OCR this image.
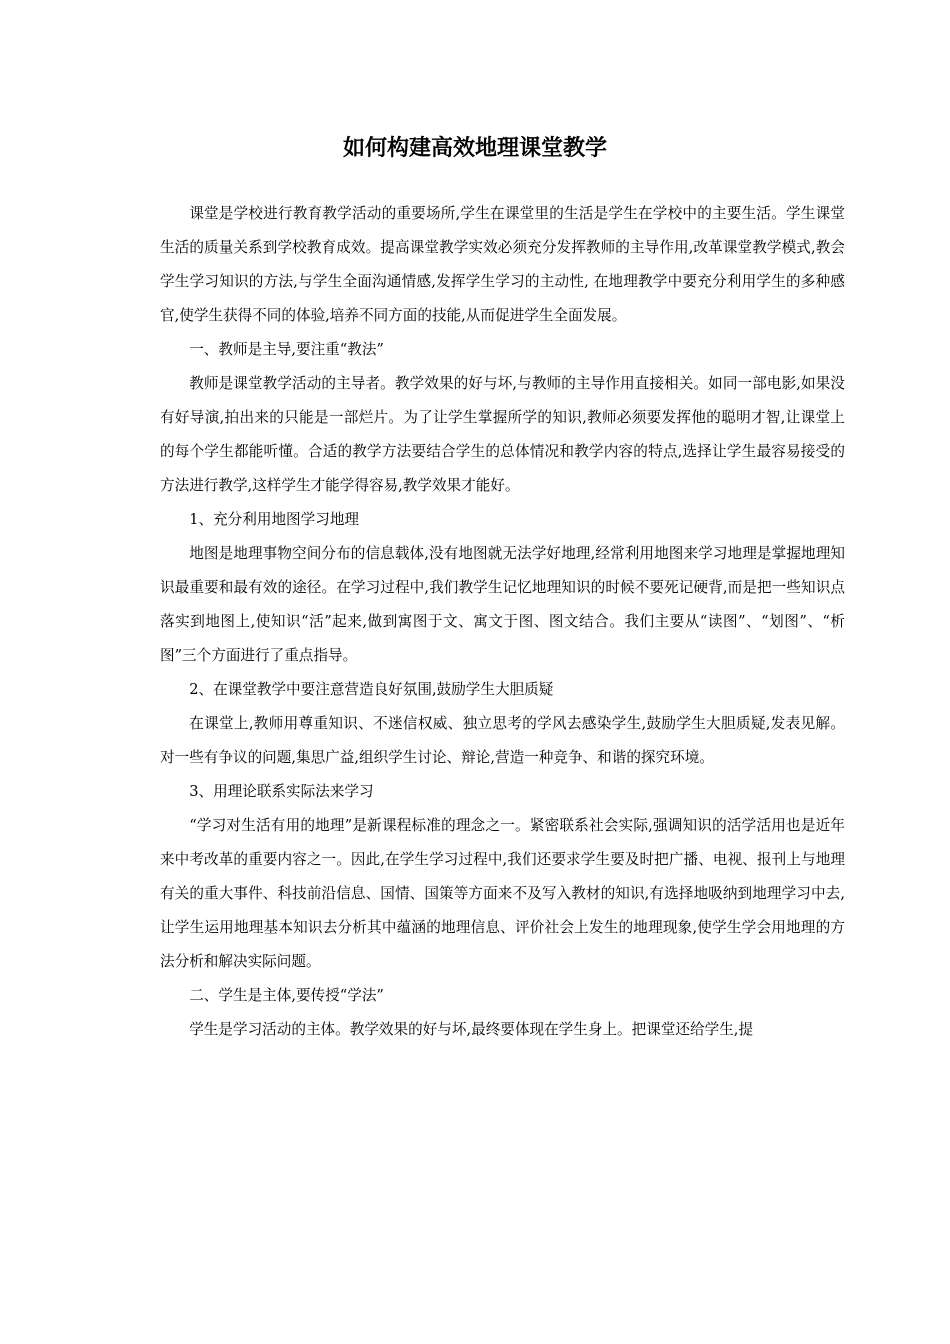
如何构建高效地理课堂教学

课堂是学校进行教育教学活动的重要场所,学生在课堂里的生活是学生在学校中的主要生活。学生课堂生活的质量关系到学校教育成效。提高课堂教学实效必须充分发挥教师的主导作用,改革课堂教学模式,教会学生学习知识的方法,与学生全面沟通情感,发挥学生学习的主动性, 在地理教学中要充分利用学生的多种感官,使学生获得不同的体验,培养不同方面的技能,从而促进学生全面发展。

一、教师是主导,要注重“教法”

教师是课堂教学活动的主导者。教学效果的好与坏,与教师的主导作用直接相关。如同一部电影,如果没有好导演,拍出来的只能是一部烂片。为了让学生掌握所学的知识,教师必须要发挥他的聪明才智,让课堂上的每个学生都能听懂。合适的教学方法要结合学生的总体情况和教学内容的特点,选择让学生最容易接受的方法进行教学,这样学生才能学得容易,教学效果才能好。

1、充分利用地图学习地理

地图是地理事物空间分布的信息载体,没有地图就无法学好地理,经常利用地图来学习地理是掌握地理知识最重要和最有效的途径。在学习过程中,我们教学生记忆地理知识的时候不要死记硬背,而是把一些知识点落实到地图上,使知识“活”起来,做到寓图于文、寓文于图、图文结合。我们主要从“读图”、“划图”、“析图”三个方面进行了重点指导。

2、在课堂教学中要注意营造良好氛围,鼓励学生大胆质疑

在课堂上,教师用尊重知识、不迷信权威、独立思考的学风去感染学生,鼓励学生大胆质疑,发表见解。对一些有争议的问题,集思广益,组织学生讨论、辩论,营造一种竞争、和谐的探究环境。

3、用理论联系实际法来学习

“学习对生活有用的地理”是新课程标准的理念之一。紧密联系社会实际,强调知识的活学活用也是近年来中考改革的重要内容之一。因此,在学生学习过程中,我们还要求学生要及时把广播、电视、报刊上与地理有关的重大事件、科技前沿信息、国情、国策等方面来不及写入教材的知识,有选择地吸纳到地理学习中去,让学生运用地理基本知识去分析其中蕴涵的地理信息、评价社会上发生的地理现象,使学生学会用地理的方法分析和解决实际问题。

二、学生是主体,要传授“学法”

学生是学习活动的主体。教学效果的好与坏,最终要体现在学生身上。把课堂还给学生,提
